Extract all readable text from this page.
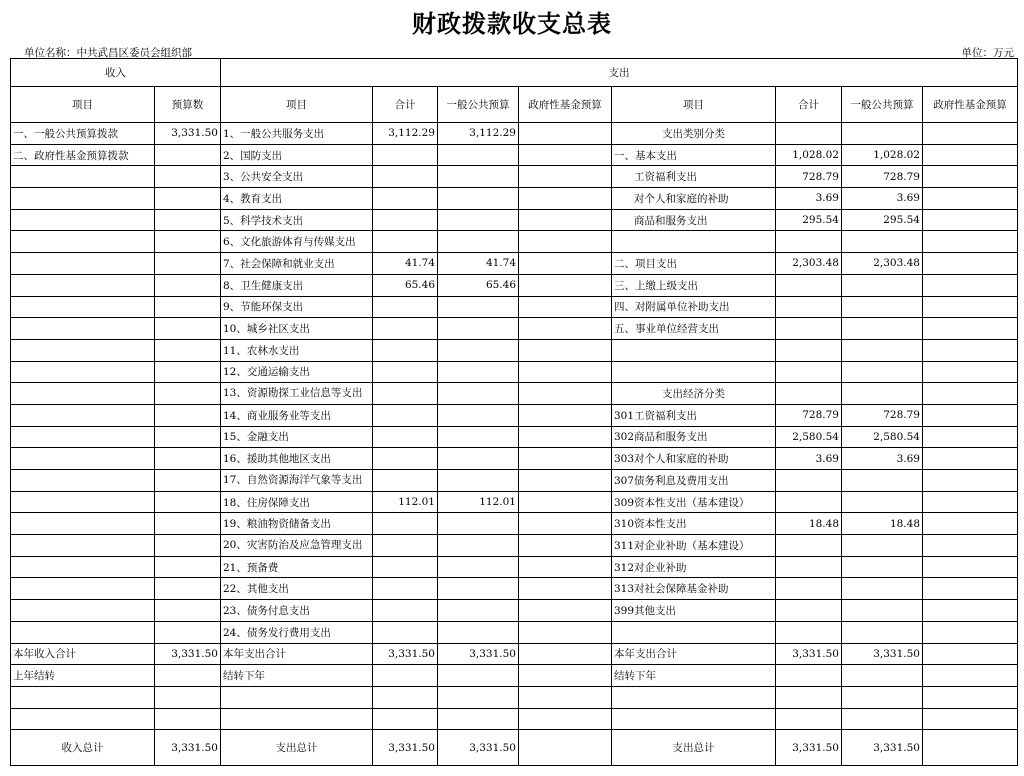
财政拨款收支总表
单位名称：中共武昌区委员会组织部	单位：万元
收入		支出							
项目	预算数	项目	合计	一般公共预算	政府性基金预算	项目	合计	一般公共预算	政府性基金预算
一、一般公共预算拨款	3,331.50	1、一般公共服务支出	3,112.29	3,112.29		支出类别分类			
二、政府性基金预算拨款		2、国防支出				一、基本支出	1,028.02	1,028.02	
		3、公共安全支出				工资福利支出	728.79	728.79	
		4、教育支出				对个人和家庭的补助	3.69	3.69	
		5、科学技术支出				商品和服务支出	295.54	295.54	
		6、文化旅游体育与传媒支出							
		7、社会保障和就业支出	41.74	41.74		二、项目支出	2,303.48	2,303.48	
		8、卫生健康支出	65.46	65.46		三、上缴上级支出			
		9、节能环保支出				四、对附属单位补助支出			
		10、城乡社区支出				五、事业单位经营支出			
		11、农林水支出							
		12、交通运输支出							
		13、资源勘探工业信息等支出				支出经济分类			
		14、商业服务业等支出				301工资福利支出	728.79	728.79	
		15、金融支出				302商品和服务支出	2,580.54	2,580.54	
		16、援助其他地区支出				303对个人和家庭的补助	3.69	3.69	
		17、自然资源海洋气象等支出				307债务利息及费用支出			
		18、住房保障支出	112.01	112.01		309资本性支出（基本建设）			
		19、粮油物资储备支出				310资本性支出	18.48	18.48	
		20、灾害防治及应急管理支出				311对企业补助（基本建设）			
		21、预备费				312对企业补助			
		22、其他支出				313对社会保障基金补助			
		23、债务付息支出				399其他支出			
		24、债务发行费用支出							
本年收入合计	3,331.50	本年支出合计	3,331.50	3,331.50		本年支出合计	3,331.50	3,331.50	
上年结转		结转下年				结转下年			

收入总计	3,331.50	支出总计	3,331.50	3,331.50		支出总计	3,331.50	3,331.50	
